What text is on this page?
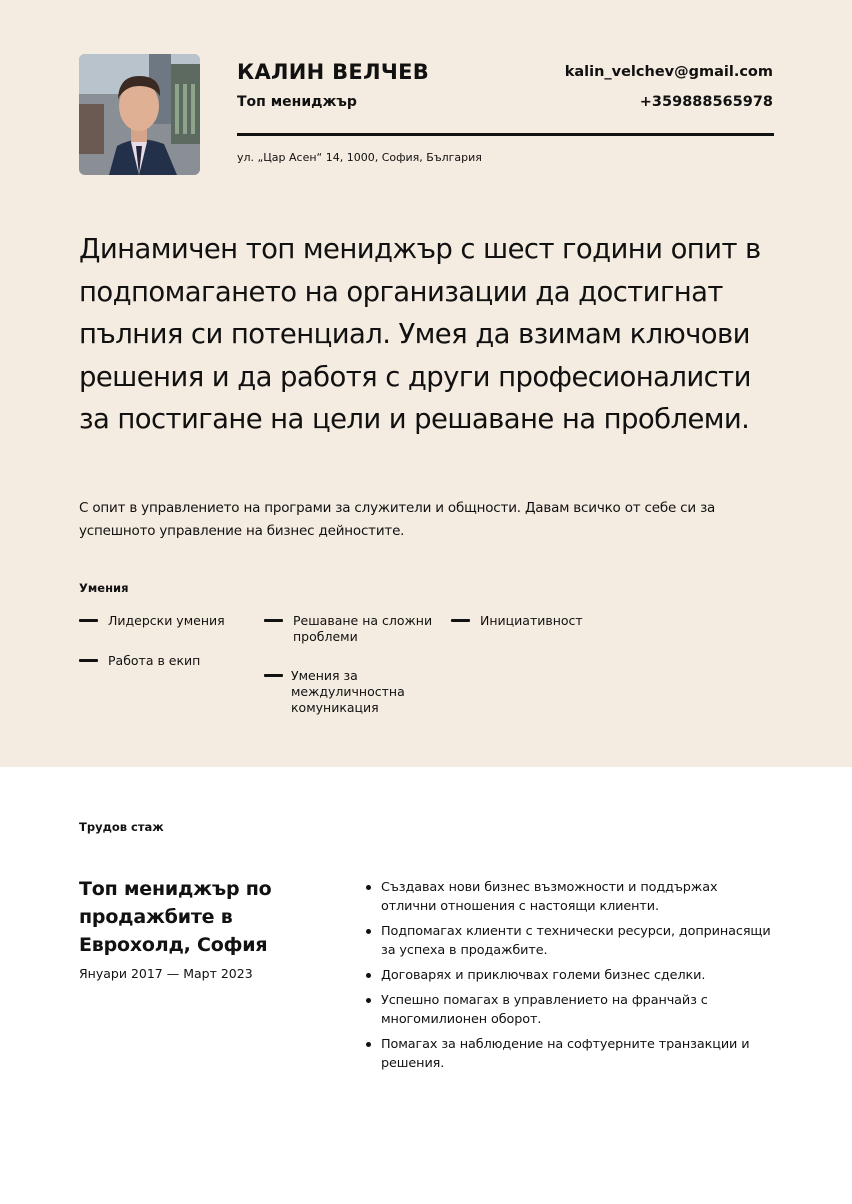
КАЛИН ВЕЛЧЕВ
Топ мениджър
kalin_velchev@gmail.com
+359888565978
ул. „Цар Асен“ 14, 1000, София, България
Динамичен топ мениджър с шест години опит в подпомагането на организации да достигнат пълния си потенциал. Умея да взимам ключови решения и да работя с други професионалисти за постигане на цели и решаване на проблеми.
С опит в управлението на програми за служители и общности. Давам всичко от себе си за успешното управление на бизнес дейностите.
Умения
Лидерски умения
Работа в екип
Решаване на сложни проблеми
Умения за междуличностна комуникация
Инициативност
Трудов стаж
Топ мениджър по продажбите в Еврохолд, София
Януари 2017 — Март 2023
Създавах нови бизнес възможности и поддържах отлични отношения с настоящи клиенти.
Подпомагах клиенти с технически ресурси, допринасящи за успеха в продажбите.
Договарях и приключвах големи бизнес сделки.
Успешно помагах в управлението на франчайз с многомилионен оборот.
Помагах за наблюдение на софтуерните транзакции и решения.
